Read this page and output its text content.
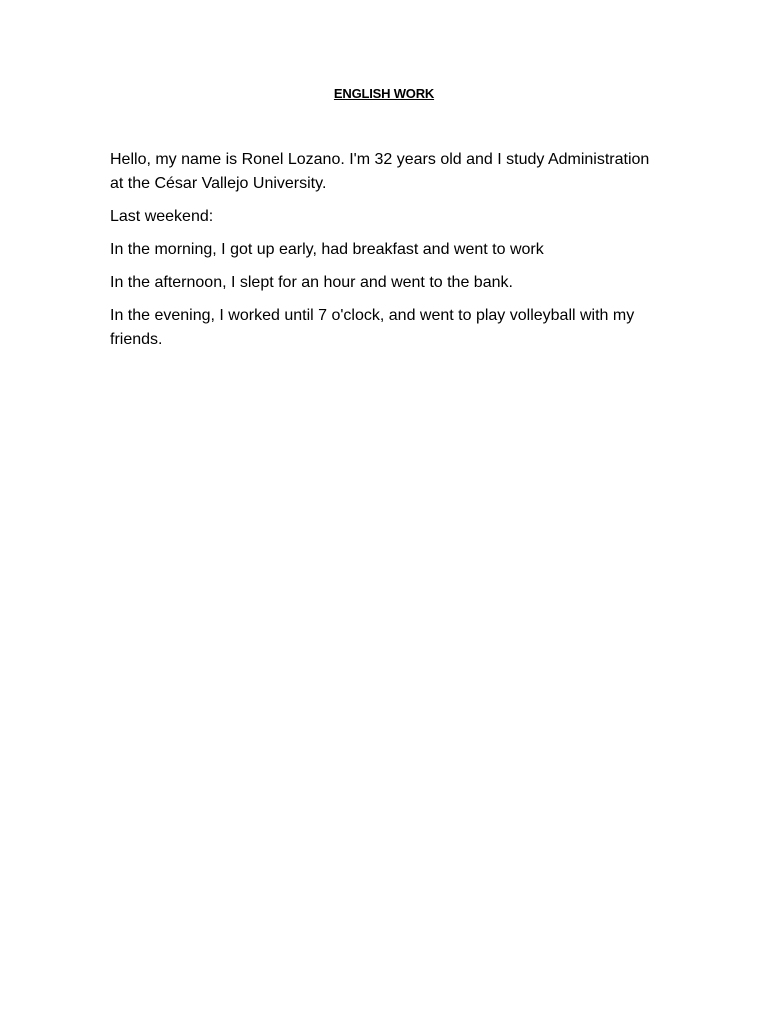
ENGLISH WORK

Hello, my name is Ronel Lozano. I'm 32 years old and I study Administration at the César Vallejo University.

Last weekend:

In the morning, I got up early, had breakfast and went to work

In the afternoon, I slept for an hour and went to the bank.

In the evening, I worked until 7 o'clock, and went to play volleyball with my friends.
